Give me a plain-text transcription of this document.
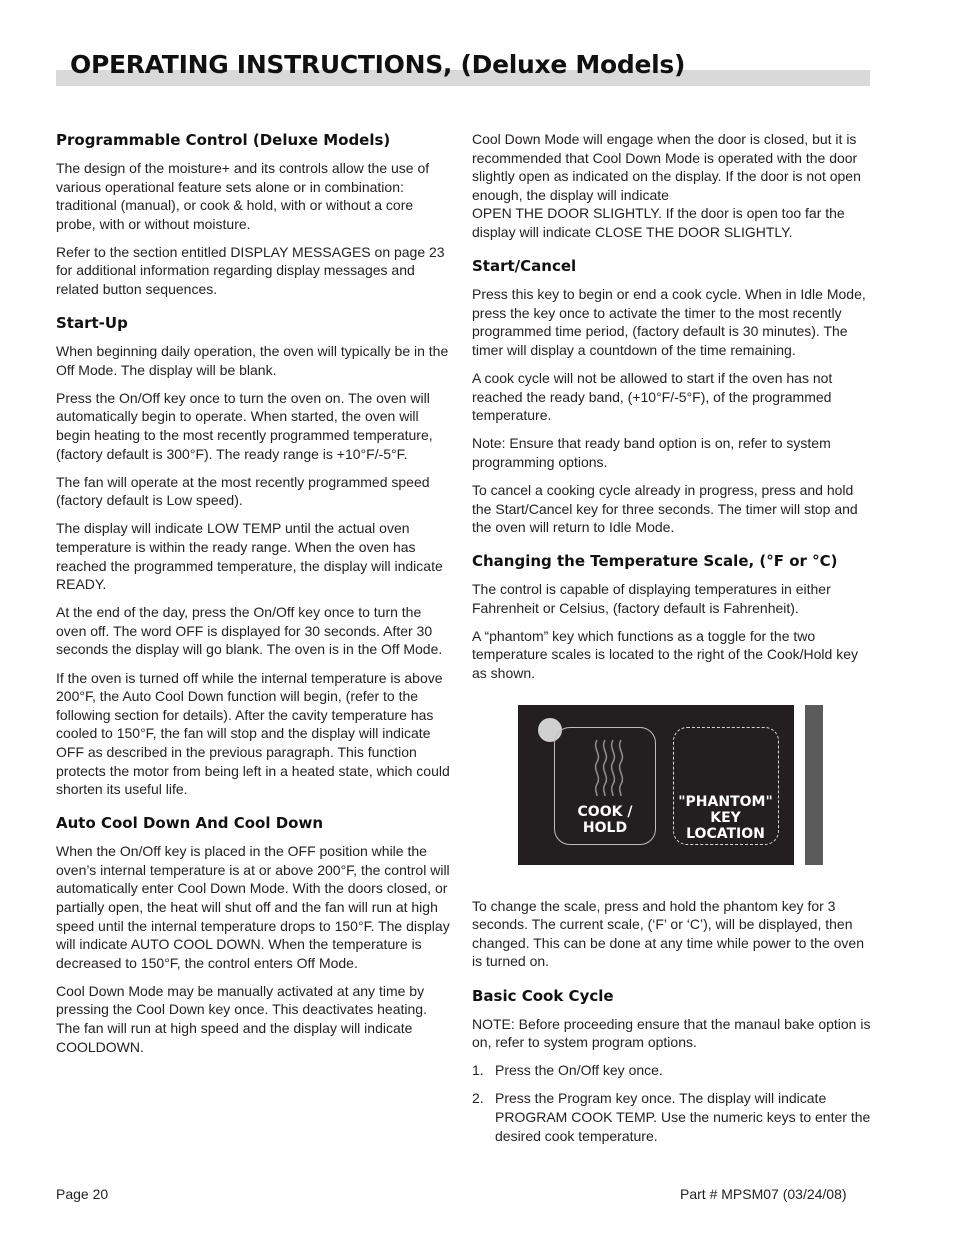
OPERATING INSTRUCTIONS, (Deluxe Models)
Programmable Control (Deluxe Models)

The design of the moisture+ and its controls allow the use of various operational feature sets alone or in combination: traditional (manual), or cook & hold, with or without a core probe, with or without moisture.

Refer to the section entitled DISPLAY MESSAGES on page 23 for additional information regarding display messages and related button sequences.

Start-Up

When beginning daily operation, the oven will typically be in the Off Mode. The display will be blank.

Press the On/Off key once to turn the oven on. The oven will automatically begin to operate. When started, the oven will begin heating to the most recently programmed temperature, (factory default is 300°F). The ready range is +10°F/-5°F.

The fan will operate at the most recently programmed speed (factory default is Low speed).

The display will indicate LOW TEMP until the actual oven temperature is within the ready range. When the oven has reached the programmed temperature, the display will indicate READY.

At the end of the day, press the On/Off key once to turn the oven off. The word OFF is displayed for 30 seconds. After 30 seconds the display will go blank. The oven is in the Off Mode.

If the oven is turned off while the internal temperature is above 200°F, the Auto Cool Down function will begin, (refer to the following section for details). After the cavity temperature has cooled to 150°F, the fan will stop and the display will indicate OFF as described in the previous paragraph. This function protects the motor from being left in a heated state, which could shorten its useful life.

Auto Cool Down And Cool Down

When the On/Off key is placed in the OFF position while the oven’s internal temperature is at or above 200°F, the control will automatically enter Cool Down Mode. With the doors closed, or partially open, the heat will shut off and the fan will run at high speed until the internal temperature drops to 150°F. The display will indicate AUTO COOL DOWN. When the temperature is decreased to 150°F, the control enters Off Mode.

Cool Down Mode may be manually activated at any time by pressing the Cool Down key once. This deactivates heating. The fan will run at high speed and the display will indicate COOLDOWN.

Cool Down Mode will engage when the door is closed, but it is recommended that Cool Down Mode is operated with the door slightly open as indicated on the display. If the door is not open enough, the display will indicate

OPEN THE DOOR SLIGHTLY. If the door is open too far the display will indicate CLOSE THE DOOR SLIGHTLY.

Start/Cancel

Press this key to begin or end a cook cycle. When in Idle Mode, press the key once to activate the timer to the most recently programmed time period, (factory default is 30 minutes). The timer will display a countdown of the time remaining.

A cook cycle will not be allowed to start if the oven has not reached the ready band, (+10°F/-5°F), of the programmed temperature.

Note: Ensure that ready band option is on, refer to system programming options.

To cancel a cooking cycle already in progress, press and hold the Start/Cancel key for three seconds. The timer will stop and the oven will return to Idle Mode.

Changing the Temperature Scale, (°F or °C)

The control is capable of displaying temperatures in either Fahrenheit or Celsius, (factory default is Fahrenheit).

A “phantom” key which functions as a toggle for the two temperature scales is located to the right of the Cook/Hold key as shown.

COOK /
HOLD
"PHANTOM"
KEY
LOCATION

To change the scale, press and hold the phantom key for 3 seconds. The current scale, (‘F’ or ‘C’), will be displayed, then changed. This can be done at any time while power to the oven is turned on.

Basic Cook Cycle

NOTE: Before proceeding ensure that the manaul bake option is on, refer to system program options.

1. Press the On/Off key once.
2. Press the Program key once. The display will indicate PROGRAM COOK TEMP. Use the numeric keys to enter the desired cook temperature.
Page 20	Part # MPSM07 (03/24/08)
